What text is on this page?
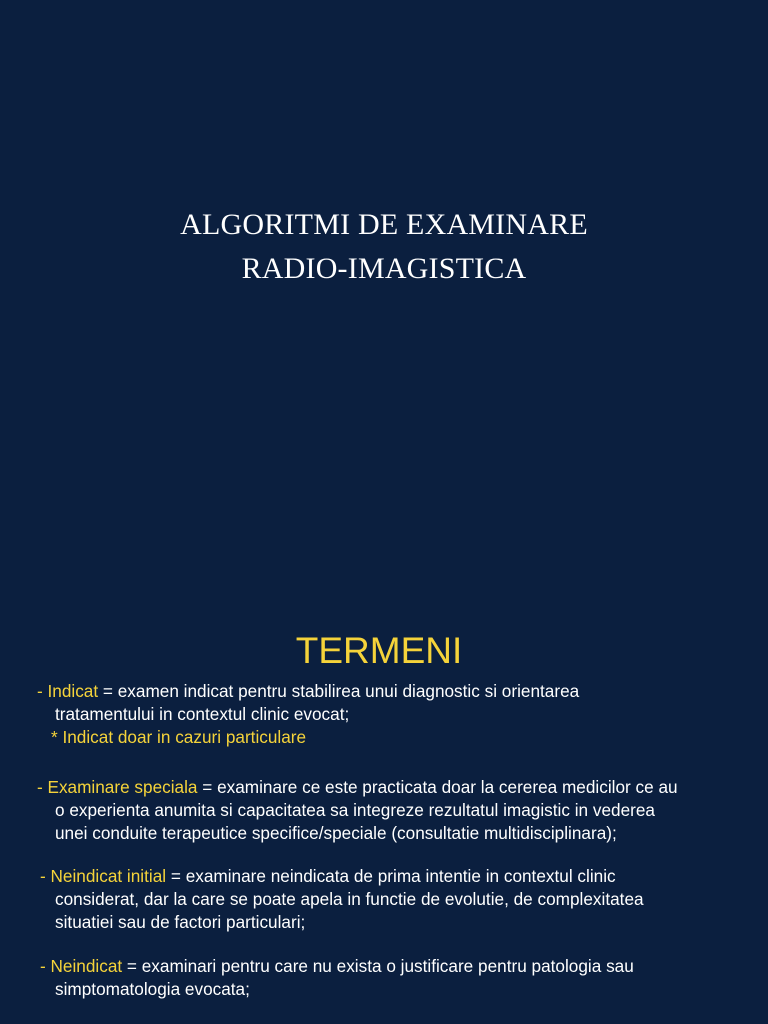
ALGORITMI DE EXAMINARE
RADIO-IMAGISTICA
TERMENI
- Indicat = examen indicat pentru stabilirea unui diagnostic si orientarea
tratamentului in contextul clinic evocat;
* Indicat doar in cazuri particulare
- Examinare speciala = examinare ce este practicata doar la cererea medicilor ce au
o experienta anumita si capacitatea sa integreze rezultatul imagistic in vederea
unei conduite terapeutice specifice/speciale (consultatie multidisciplinara);
- Neindicat initial = examinare neindicata de prima intentie in contextul clinic
considerat, dar la care se poate apela in functie de evolutie, de complexitatea
situatiei sau de factori particulari;
- Neindicat = examinari pentru care nu exista o justificare pentru patologia sau
simptomatologia evocata;
